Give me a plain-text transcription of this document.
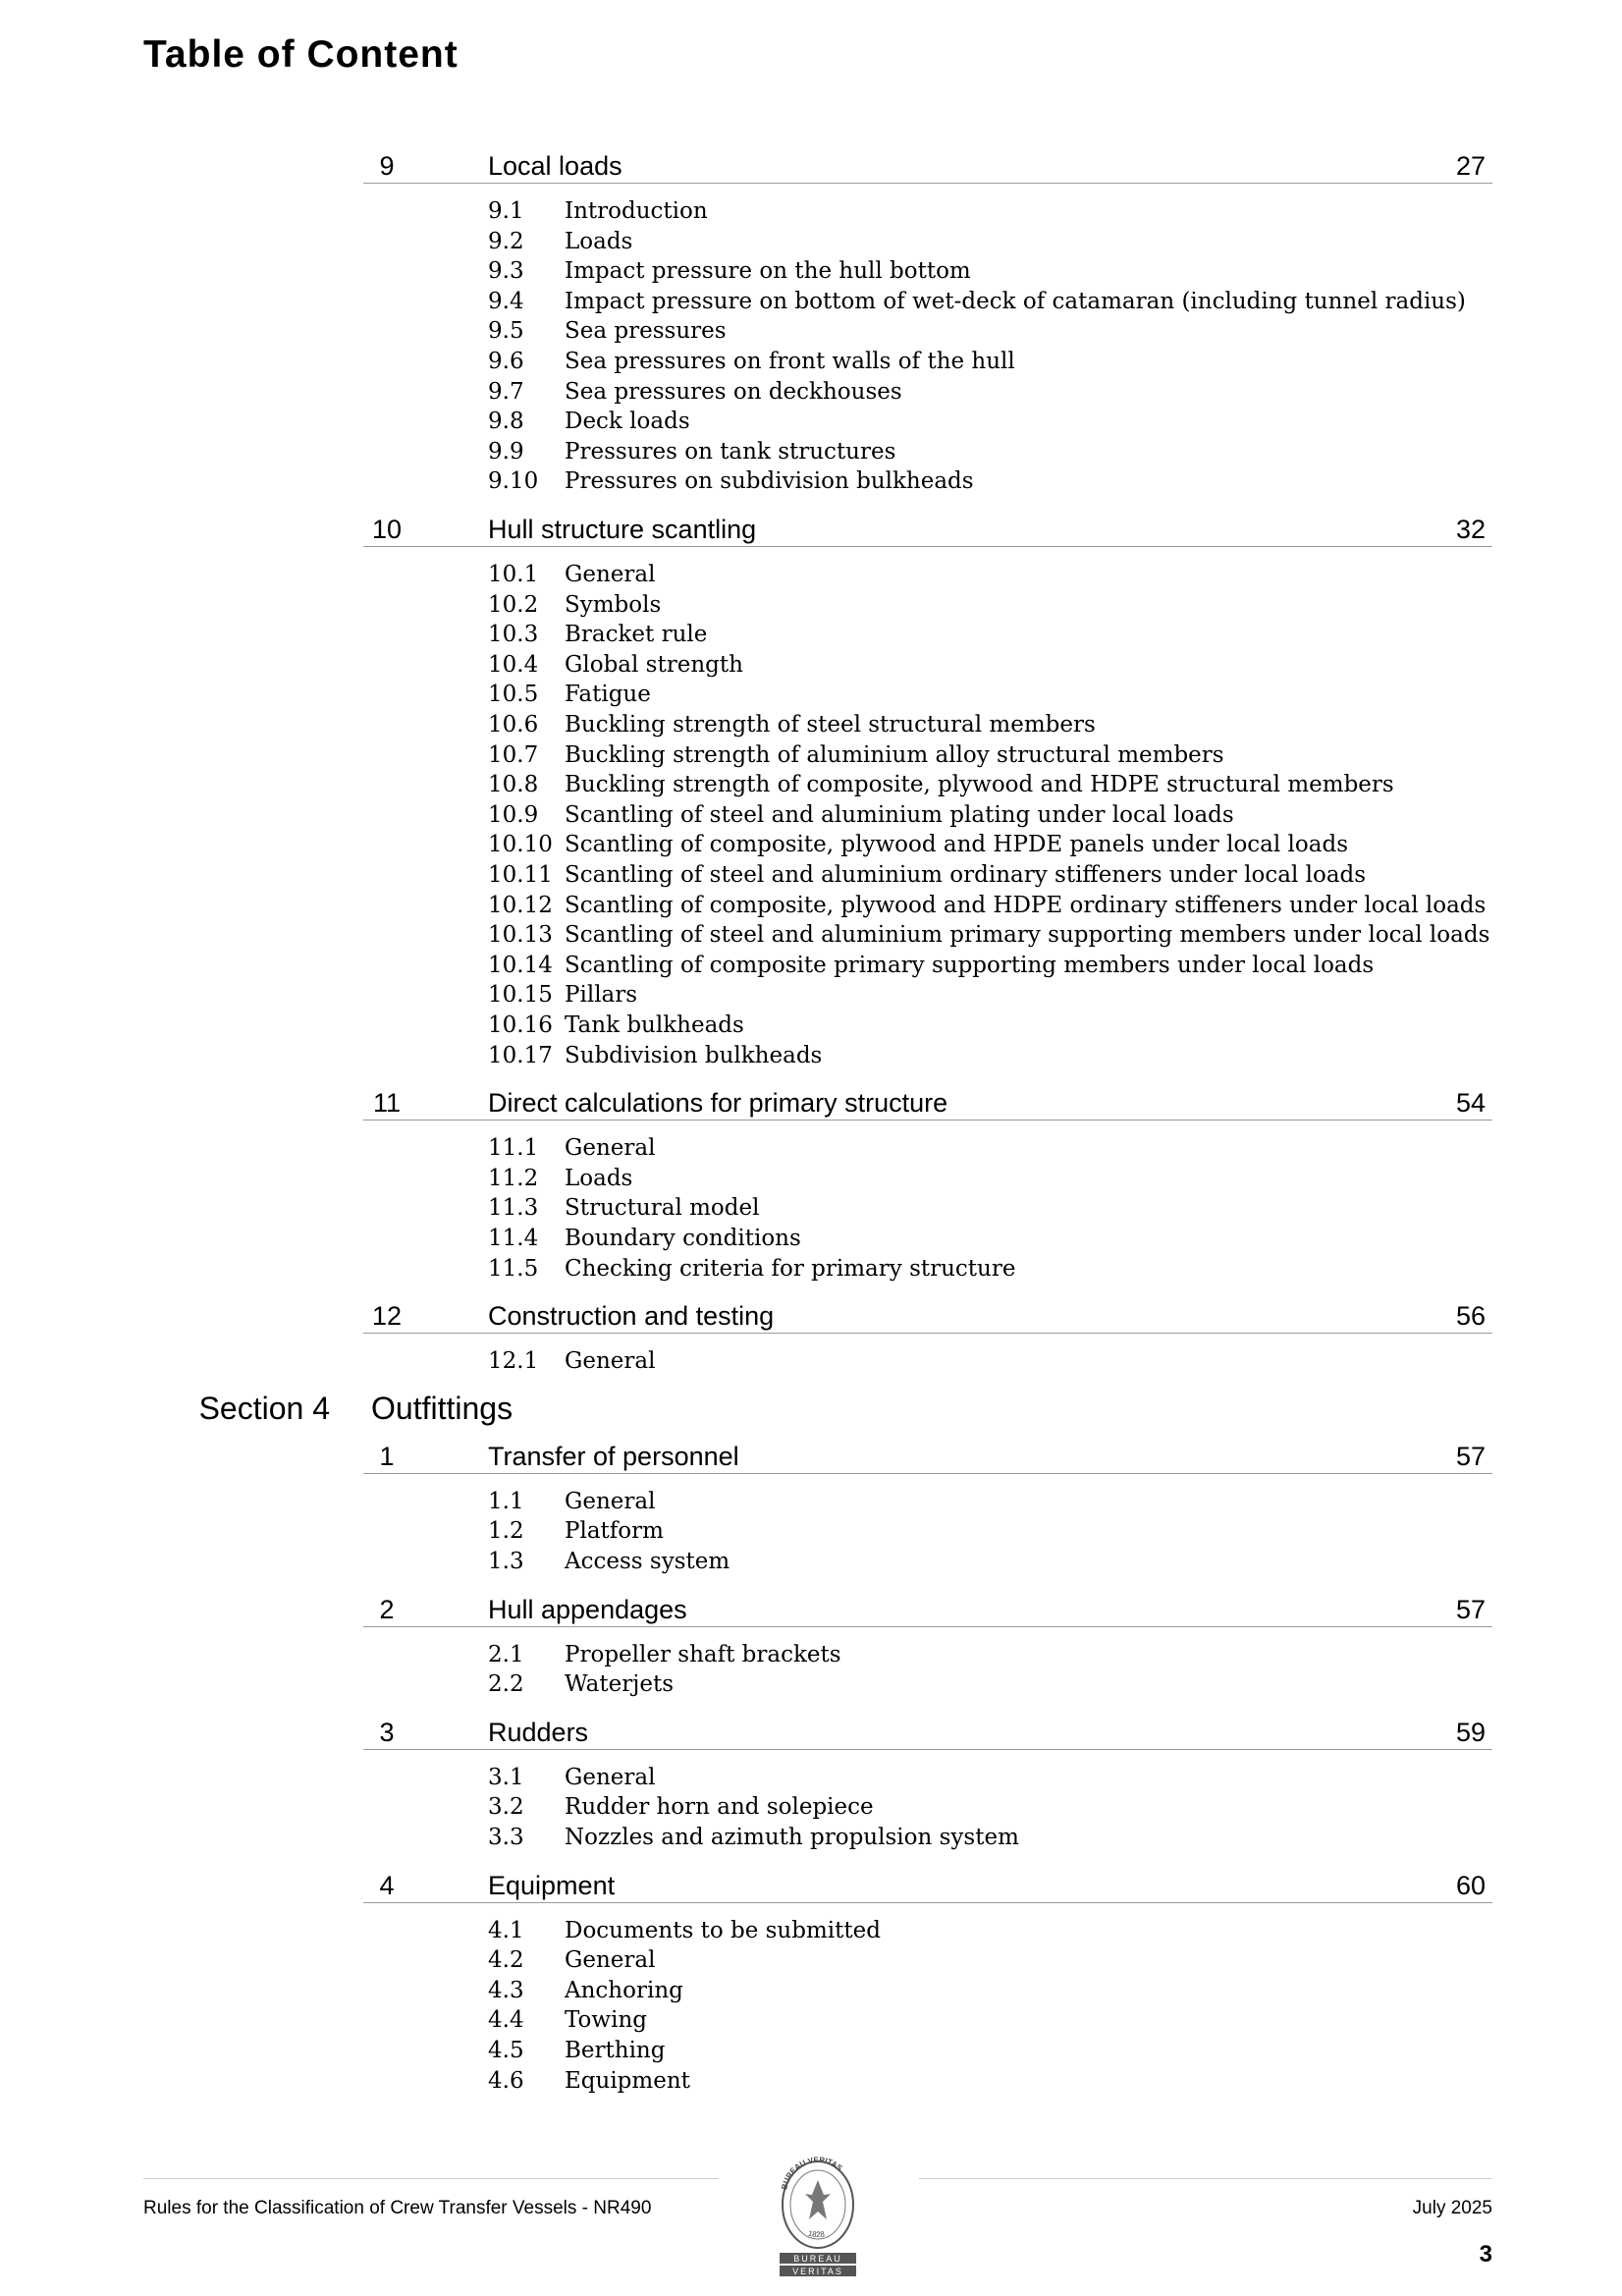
Table of Content
9	Local loads	27
9.1 Introduction
9.2 Loads
9.3 Impact pressure on the hull bottom
9.4 Impact pressure on bottom of wet-deck of catamaran (including tunnel radius)
9.5 Sea pressures
9.6 Sea pressures on front walls of the hull
9.7 Sea pressures on deckhouses
9.8 Deck loads
9.9 Pressures on tank structures
9.10 Pressures on subdivision bulkheads
10	Hull structure scantling	32
10.1 General
10.2 Symbols
10.3 Bracket rule
10.4 Global strength
10.5 Fatigue
10.6 Buckling strength of steel structural members
10.7 Buckling strength of aluminium alloy structural members
10.8 Buckling strength of composite, plywood and HDPE structural members
10.9 Scantling of steel and aluminium plating under local loads
10.10 Scantling of composite, plywood and HPDE panels under local loads
10.11 Scantling of steel and aluminium ordinary stiffeners under local loads
10.12 Scantling of composite, plywood and HDPE ordinary stiffeners under local loads
10.13 Scantling of steel and aluminium primary supporting members under local loads
10.14 Scantling of composite primary supporting members under local loads
10.15 Pillars
10.16 Tank bulkheads
10.17 Subdivision bulkheads
11	Direct calculations for primary structure	54
11.1 General
11.2 Loads
11.3 Structural model
11.4 Boundary conditions
11.5 Checking criteria for primary structure
12	Construction and testing	56
12.1 General
Section 4 Outfittings
1	Transfer of personnel	57
1.1 General
1.2 Platform
1.3 Access system
2	Hull appendages	57
2.1 Propeller shaft brackets
2.2 Waterjets
3	Rudders	59
3.1 General
3.2 Rudder horn and solepiece
3.3 Nozzles and azimuth propulsion system
4	Equipment	60
4.1 Documents to be submitted
4.2 General
4.3 Anchoring
4.4 Towing
4.5 Berthing
4.6 Equipment
Rules for the Classification of Crew Transfer Vessels - NR490	July 2025
3
BUREAU VERITAS
1828
BUREAU
VERITAS
